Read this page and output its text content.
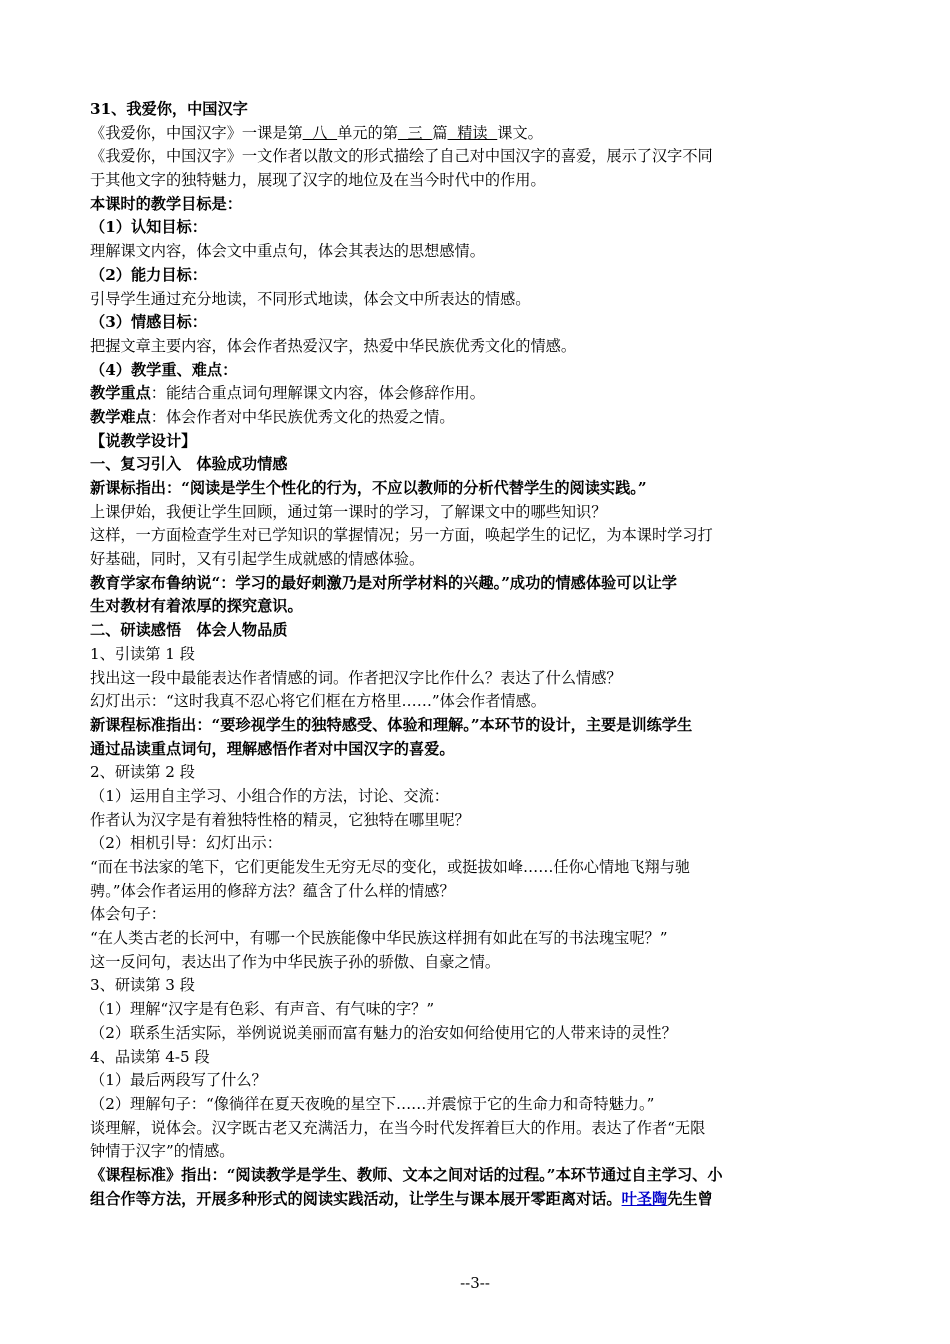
31、我爱你，中国汉字
《我爱你，中国汉字》一课是第  八  单元的第  三  篇  精读  课文。
《我爱你，中国汉字》一文作者以散文的形式描绘了自己对中国汉字的喜爱，展示了汉字不同
于其他文字的独特魅力，展现了汉字的地位及在当今时代中的作用。
本课时的教学目标是：
（1）认知目标：
理解课文内容，体会文中重点句，体会其表达的思想感情。
（2）能力目标：
引导学生通过充分地读，不同形式地读，体会文中所表达的情感。
（3）情感目标：
把握文章主要内容，体会作者热爱汉字，热爱中华民族优秀文化的情感。
（4）教学重、难点：
教学重点：能结合重点词句理解课文内容，体会修辞作用。
教学难点：体会作者对中华民族优秀文化的热爱之情。
【说教学设计】
一、复习引入　体验成功情感
新课标指出：“阅读是学生个性化的行为，不应以教师的分析代替学生的阅读实践。”
上课伊始，我便让学生回顾，通过第一课时的学习，了解课文中的哪些知识？
这样，一方面检查学生对已学知识的掌握情况；另一方面，唤起学生的记忆，为本课时学习打
好基础，同时，又有引起学生成就感的情感体验。
教育学家布鲁纳说“：学习的最好刺激乃是对所学材料的兴趣。”成功的情感体验可以让学
生对教材有着浓厚的探究意识。
二、研读感悟　体会人物品质
1、引读第 1 段
找出这一段中最能表达作者情感的词。作者把汉字比作什么？表达了什么情感？
幻灯出示：“这时我真不忍心将它们框在方格里……”体会作者情感。
新课程标准指出：“要珍视学生的独特感受、体验和理解。”本环节的设计，主要是训练学生
通过品读重点词句，理解感悟作者对中国汉字的喜爱。
2、研读第 2 段
（1）运用自主学习、小组合作的方法，讨论、交流：
作者认为汉字是有着独特性格的精灵，它独特在哪里呢？
（2）相机引导：幻灯出示：
“而在书法家的笔下，它们更能发生无穷无尽的变化，或挺拔如峰……任你心情地飞翔与驰
骋。”体会作者运用的修辞方法？蕴含了什么样的情感？
体会句子：
“在人类古老的长河中，有哪一个民族能像中华民族这样拥有如此在写的书法瑰宝呢？”
这一反问句，表达出了作为中华民族子孙的骄傲、自豪之情。
3、研读第 3 段
（1）理解“汉字是有色彩、有声音、有气味的字？”
（2）联系生活实际，举例说说美丽而富有魅力的治安如何给使用它的人带来诗的灵性？
4、品读第 4-5 段
（1）最后两段写了什么？
（2）理解句子：“像徜徉在夏天夜晚的星空下……并震惊于它的生命力和奇特魅力。”
谈理解，说体会。汉字既古老又充满活力，在当今时代发挥着巨大的作用。表达了作者“无限
钟情于汉字”的情感。
《课程标准》指出：“阅读教学是学生、教师、文本之间对话的过程。”本环节通过自主学习、小
组合作等方法，开展多种形式的阅读实践活动，让学生与课本展开零距离对话。叶圣陶先生曾
--3--
